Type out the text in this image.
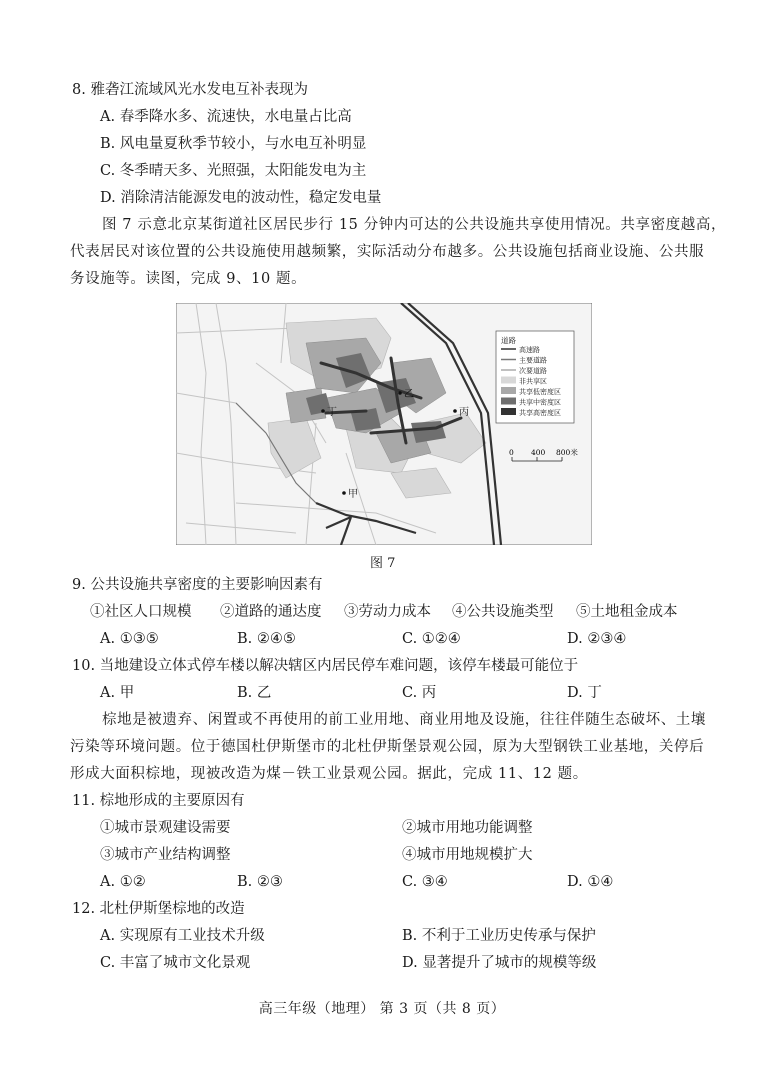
8. 雅砻江流域风光水发电互补表现为
A. 春季降水多、流速快，水电量占比高
B. 风电量夏秋季节较小，与水电互补明显
C. 冬季晴天多、光照强，太阳能发电为主
D. 消除清洁能源发电的波动性，稳定发电量
图 7 示意北京某街道社区居民步行 15 分钟内可达的公共设施共享使用情况。共享密度越高，
代表居民对该位置的公共设施使用越频繁，实际活动分布越多。公共设施包括商业设施、公共服
务设施等。读图，完成 9、10 题。
道路
高速路
主要道路
次要道路
非共享区
共享低密度区
共享中密度区
共享高密度区
0 400 800米
乙
丁	丙
甲
图 7
9. 公共设施共享密度的主要影响因素有
①社区人口规模 ②道路的通达度 ③劳动力成本 ④公共设施类型 ⑤土地租金成本
A. ①③⑤	B. ②④⑤	C. ①②④	D. ②③④
10. 当地建设立体式停车楼以解决辖区内居民停车难问题，该停车楼最可能位于
A. 甲	B. 乙	C. 丙	D. 丁
棕地是被遗弃、闲置或不再使用的前工业用地、商业用地及设施，往往伴随生态破坏、土壤
污染等环境问题。位于德国杜伊斯堡市的北杜伊斯堡景观公园，原为大型钢铁工业基地，关停后
形成大面积棕地，现被改造为煤－铁工业景观公园。据此，完成 11、12 题。
11. 棕地形成的主要原因有
①城市景观建设需要	②城市用地功能调整
③城市产业结构调整	④城市用地规模扩大
A. ①②	B. ②③	C. ③④	D. ①④
12. 北杜伊斯堡棕地的改造
A. 实现原有工业技术升级	B. 不利于工业历史传承与保护
C. 丰富了城市文化景观	D. 显著提升了城市的规模等级
高三年级（地理） 第 3 页（共 8 页）
